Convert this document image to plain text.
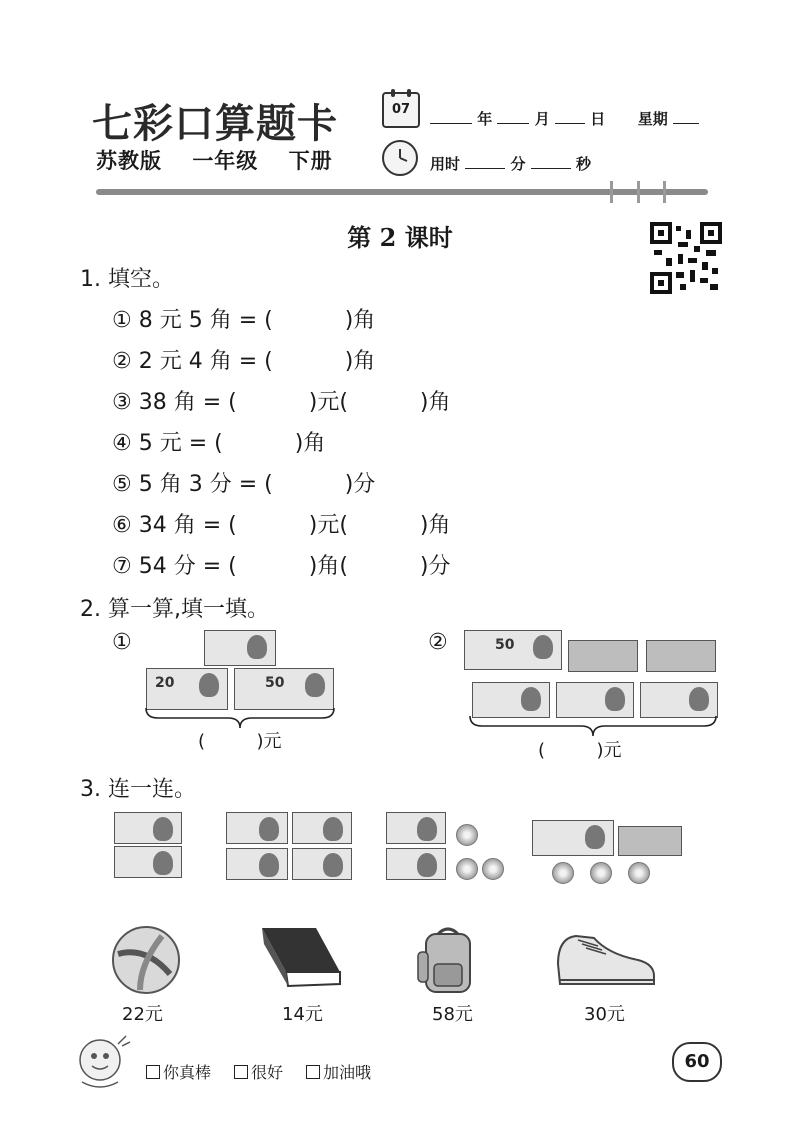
七彩口算题卡
苏教版 一年级 下册
07
年	月	日 星期
用时	分	秒
第 2 课时
1. 填空。
① 8 元 5 角 = (	)角
② 2 元 4 角 = (	)角
③ 38 角 = (	)元(	)角
④ 5 元 = (	)角
⑤ 5 角 3 分 = (	)分
⑥ 34 角 = (	)元(	)角
⑦ 54 分 = (	)角(	)分
2. 算一算,填一填。
①
20	50
(	)元
②	50
(	)元
3. 连一连。
22元	14元	58元	30元
你真棒	很好	加油哦
60
